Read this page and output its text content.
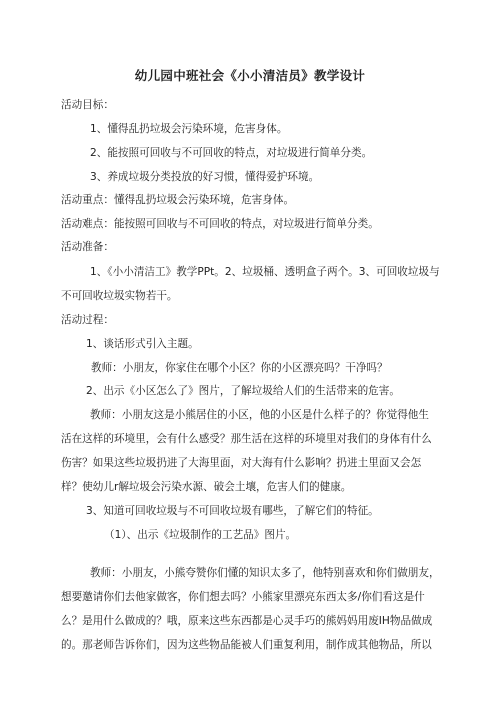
幼儿园中班社会《小小清洁员》教学设计
活动目标：
1、懂得乱扔垃圾会污染环境，危害身体。
2、能按照可回收与不可回收的特点，对垃圾进行简单分类。
3、养成垃圾分类投放的好习惯，懂得爱护环境。
活动重点：懂得乱扔垃圾会污染环境，危害身体。
活动难点：能按照可回收与不可回收的特点，对垃圾进行简单分类。
活动准备：
1、《小小清洁工》教学PPt。2、垃圾桶、透明盒子两个。3、可回收垃圾与
不可回收垃圾实物若干。
活动过程：
1、谈话形式引入主题。
教师：小朋友，你家住在哪个小区？你的小区漂亮吗？干净吗？
2、出示《小区怎么了》图片，了解垃圾给人们的生活带来的危害。
教师：小朋友这是小熊居住的小区，他的小区是什么样子的？你觉得他生
活在这样的环境里，会有什么感受？那生活在这样的环境里对我们的身体有什么
伤害？如果这些垃圾扔进了大海里面，对大海有什么影响？扔进土里面又会怎
样？使幼儿r解垃圾会污染水源、破会土壤，危害人们的健康。
3、知道可回收垃圾与不可回收垃圾有哪些，了解它们的特征。
（1）、出示《垃圾制作的工艺品》图片。
教师：小朋友，小熊夸赞你们懂的知识太多了，他特别喜欢和你们做朋友，
想要邀请你们去他家做客，你们想去吗？小熊家里漂亮东西太多/你们看这是什
么？是用什么做成的？哦，原来这些东西都是心灵手巧的熊妈妈用废IH物品做成
的。那老师告诉你们，因为这些物品能被人们重复利用，制作成其他物品，所以
